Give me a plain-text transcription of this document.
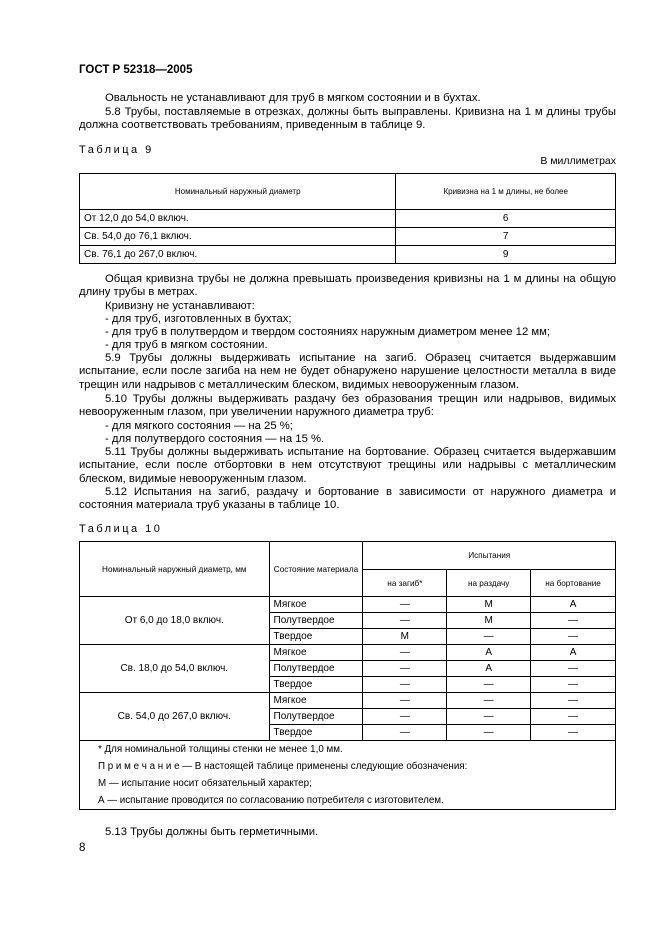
ГОСТ Р 52318—2005

Овальность не устанавливают для труб в мягком состоянии и в бухтах.

5.8 Трубы, поставляемые в отрезках, должны быть выправлены. Кривизна на 1 м длины трубы должна соответствовать требованиям, приведенным в таблице 9.

Таблица 9
В миллиметрах
Номинальный наружный диаметр	Кривизна на 1 м длины, не более
От 12,0 до 54,0 включ.	6
Св. 54,0 до 76,1 включ.	7
Св. 76,1 до 267,0 включ.	9

Общая кривизна трубы не должна превышать произведения кривизны на 1 м длины на общую длину трубы в метрах.

Кривизну не устанавливают:

- для труб, изготовленных в бухтах;

- для труб в полутвердом и твердом состояниях наружным диаметром менее 12 мм;

- для труб в мягком состоянии.

5.9 Трубы должны выдерживать испытание на загиб. Образец считается выдержавшим испытание, если после загиба на нем не будет обнаружено нарушение целостности металла в виде трещин или надрывов с металлическим блеском, видимых невооруженным глазом.

5.10 Трубы должны выдерживать раздачу без образования трещин или надрывов, видимых невооруженным глазом, при увеличении наружного диаметра труб:

- для мягкого состояния — на 25 %;

- для полутвердого состояния — на 15 %.

5.11 Трубы должны выдерживать испытание на бортование. Образец считается выдержавшим испытание, если после отбортовки в нем отсутствуют трещины или надрывы с металлическим блеском, видимые невооруженным глазом.

5.12 Испытания на загиб, раздачу и бортование в зависимости от наружного диаметра и состояния материала труб указаны в таблице 10.

Таблица 10
Номинальный наружный диаметр, мм	Состояние материала	Испытания		
		на загиб*	на раздачу	на бортование
От 6,0 до 18,0 включ.	Мягкое	—	М	А
	Полутвердое	—	М	—
	Твердое	М	—	—
Св. 18,0 до 54,0 включ.	Мягкое	—	А	А
	Полутвердое	—	А	—
	Твердое	—	—	—
Св. 54,0 до 267,0 включ.	Мягкое	—	—	—
	Полутвердое	—	—	—
	Твердое	—	—	—
* Для номинальной толщины стенки не менее 1,0 мм.				
П р и м е ч а н и е — В настоящей таблице применены следующие обозначения:				
М — испытание носит обязательный характер;				
А — испытание проводится по согласованию потребителя с изготовителем.				

5.13 Трубы должны быть герметичными.

8
